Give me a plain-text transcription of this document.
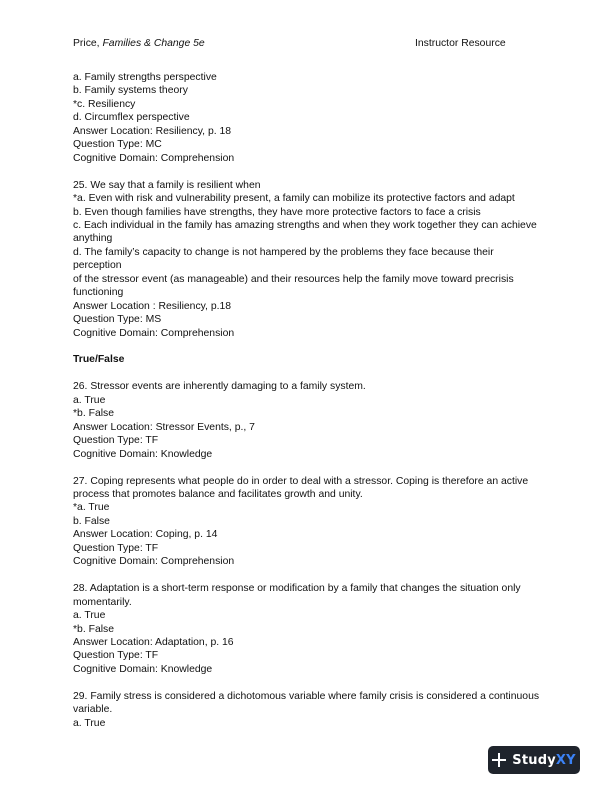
Price, Families & Change 5e	Instructor Resource

a. Family strengths perspective

b. Family systems theory

*c. Resiliency

d. Circumflex perspective

Answer Location: Resiliency, p. 18

Question Type: MC

Cognitive Domain: Comprehension

25. We say that a family is resilient when

*a. Even with risk and vulnerability present, a family can mobilize its protective factors and adapt

b. Even though families have strengths, they have more protective factors to face a crisis

c. Each individual in the family has amazing strengths and when they work together they can achieve

anything

d. The family’s capacity to change is not hampered by the problems they face because their perception

of the stressor event (as manageable) and their resources help the family move toward precrisis

functioning

Answer Location : Resiliency, p.18

Question Type: MS

Cognitive Domain: Comprehension

True/False

26. Stressor events are inherently damaging to a family system.

a. True

*b. False

Answer Location: Stressor Events, p., 7

Question Type: TF

Cognitive Domain: Knowledge

27. Coping represents what people do in order to deal with a stressor. Coping is therefore an active

process that promotes balance and facilitates growth and unity.

*a. True

b. False

Answer Location: Coping, p. 14

Question Type: TF

Cognitive Domain: Comprehension

28. Adaptation is a short-term response or modification by a family that changes the situation only

momentarily.

a. True

*b. False

Answer Location: Adaptation, p. 16

Question Type: TF

Cognitive Domain: Knowledge

29. Family stress is considered a dichotomous variable where family crisis is considered a continuous

variable.

a. True

StudyXY
